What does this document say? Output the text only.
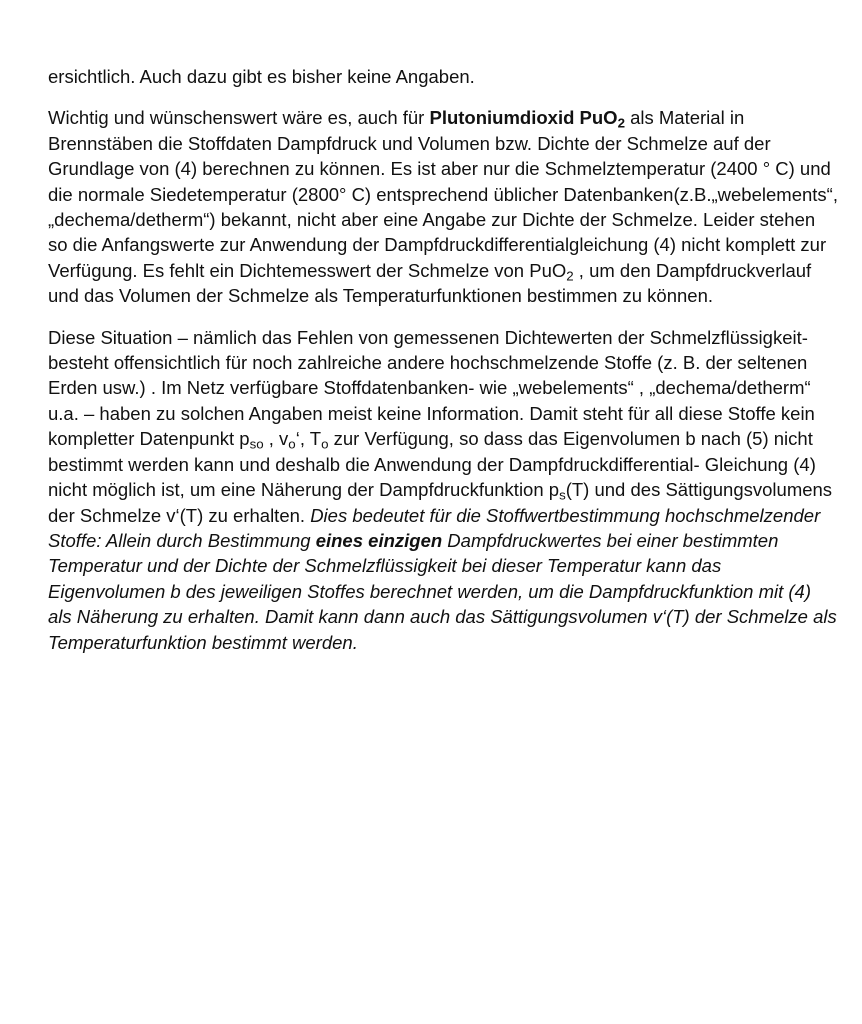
ersichtlich. Auch dazu gibt es bisher keine Angaben.

Wichtig und wünschenswert wäre es, auch für Plutoniumdioxid PuO$_2$ als Material in Brennstäben die Stoffdaten Dampfdruck und Volumen bzw. Dichte der Schmelze auf der Grundlage von (4) berechnen zu können. Es ist aber nur die Schmelztemperatur (2400 ° C) und die normale Siedetemperatur (2800° C) entsprechend üblicher Datenbanken(z.B.„webelements“,„dechema/detherm“) bekannt, nicht aber eine Angabe zur Dichte der Schmelze. Leider stehen so die Anfangswerte zur Anwendung der Dampfdruckdifferentialgleichung (4) nicht komplett zur Verfügung. Es fehlt ein Dichtemesswert der Schmelze von PuO$_2$ , um den Dampfdruckverlauf und das Volumen der Schmelze als Temperaturfunktionen bestimmen zu können.

Diese Situation – nämlich das Fehlen von gemessenen Dichtewerten der Schmelzflüssigkeit- besteht offensichtlich für noch zahlreiche andere hochschmelzende Stoffe (z. B. der seltenen Erden usw.) . Im Netz verfügbare Stoffdatenbanken- wie „webelements“ , „dechema/detherm“ u.a. – haben zu solchen Angaben meist keine Information. Damit steht für all diese Stoffe kein kompletter Datenpunkt $p_{so}$ , $v_o‘$, $T_o$ zur Verfügung, so dass das Eigenvolumen b nach (5) nicht bestimmt werden kann und deshalb die Anwendung der Dampfdruckdifferential- Gleichung (4) nicht möglich ist, um eine Näherung der Dampfdruckfunktion $p_s(T)$ und des Sättigungsvolumens der Schmelze v‘(T) zu erhalten. Dies bedeutet für die Stoffwertbestimmung hochschmelzender Stoffe: Allein durch Bestimmung eines einzigen Dampfdruckwertes bei einer bestimmten Temperatur und der Dichte der Schmelzflüssigkeit bei dieser Temperatur kann das Eigenvolumen b des jeweiligen Stoffes berechnet werden, um die Dampfdruckfunktion mit (4) als Näherung zu erhalten. Damit kann dann auch das Sättigungsvolumen v‘(T) der Schmelze als Temperaturfunktion bestimmt werden.
